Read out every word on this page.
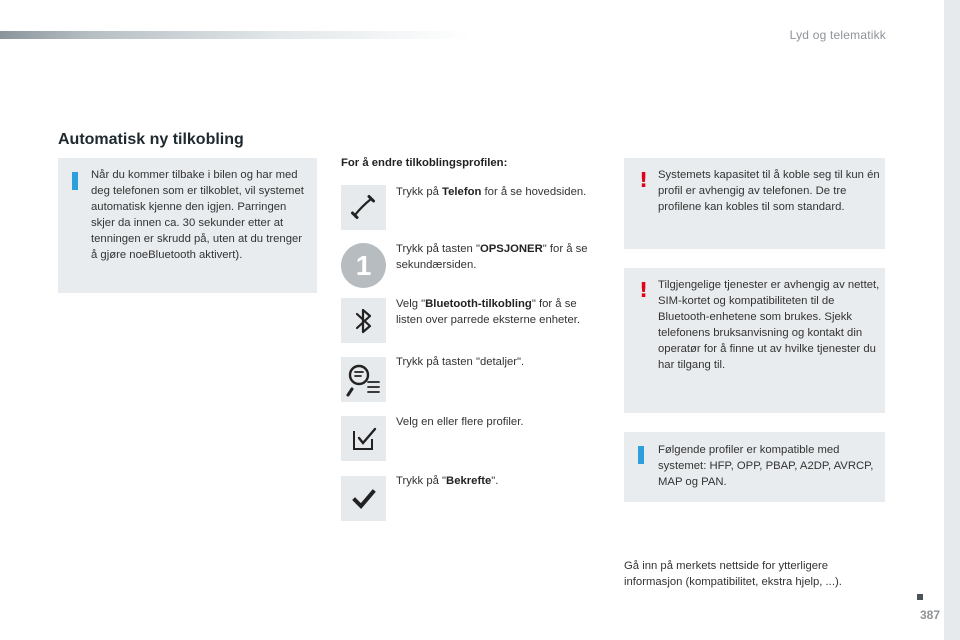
Lyd og telematikk
Automatisk ny tilkobling

Når du kommer tilbake i bilen og har med deg telefonen som er tilkoblet, vil systemet automatisk kjenne den igjen. Parringen skjer da innen ca. 30 sekunder etter at tenningen er skrudd på, uten at du trenger å gjøre noeBluetooth aktivert).

For å endre tilkoblingsprofilen:
Trykk på Telefon for å se hovedsiden.
1
Trykk på tasten "OPSJONER" for å se sekundærsiden.
Velg "Bluetooth-tilkobling" for å se listen over parrede eksterne enheter.
Trykk på tasten "detaljer".
Velg en eller flere profiler.
Trykk på "Bekrefte".
! Systemets kapasitet til å koble seg til kun én profil er avhengig av telefonen. De tre profilene kan kobles til som standard.

! Tilgjengelige tjenester er avhengig av nettet, SIM-kortet og kompatibiliteten til de Bluetooth-enhetene som brukes. Sjekk telefonens bruksanvisning og kontakt din operatør for å finne ut av hvilke tjenester du har tilgang til.

Følgende profiler er kompatible med systemet: HFP, OPP, PBAP, A2DP, AVRCP, MAP og PAN.

Gå inn på merkets nettside for ytterligere informasjon (kompatibilitet, ekstra hjelp, ...).
387
